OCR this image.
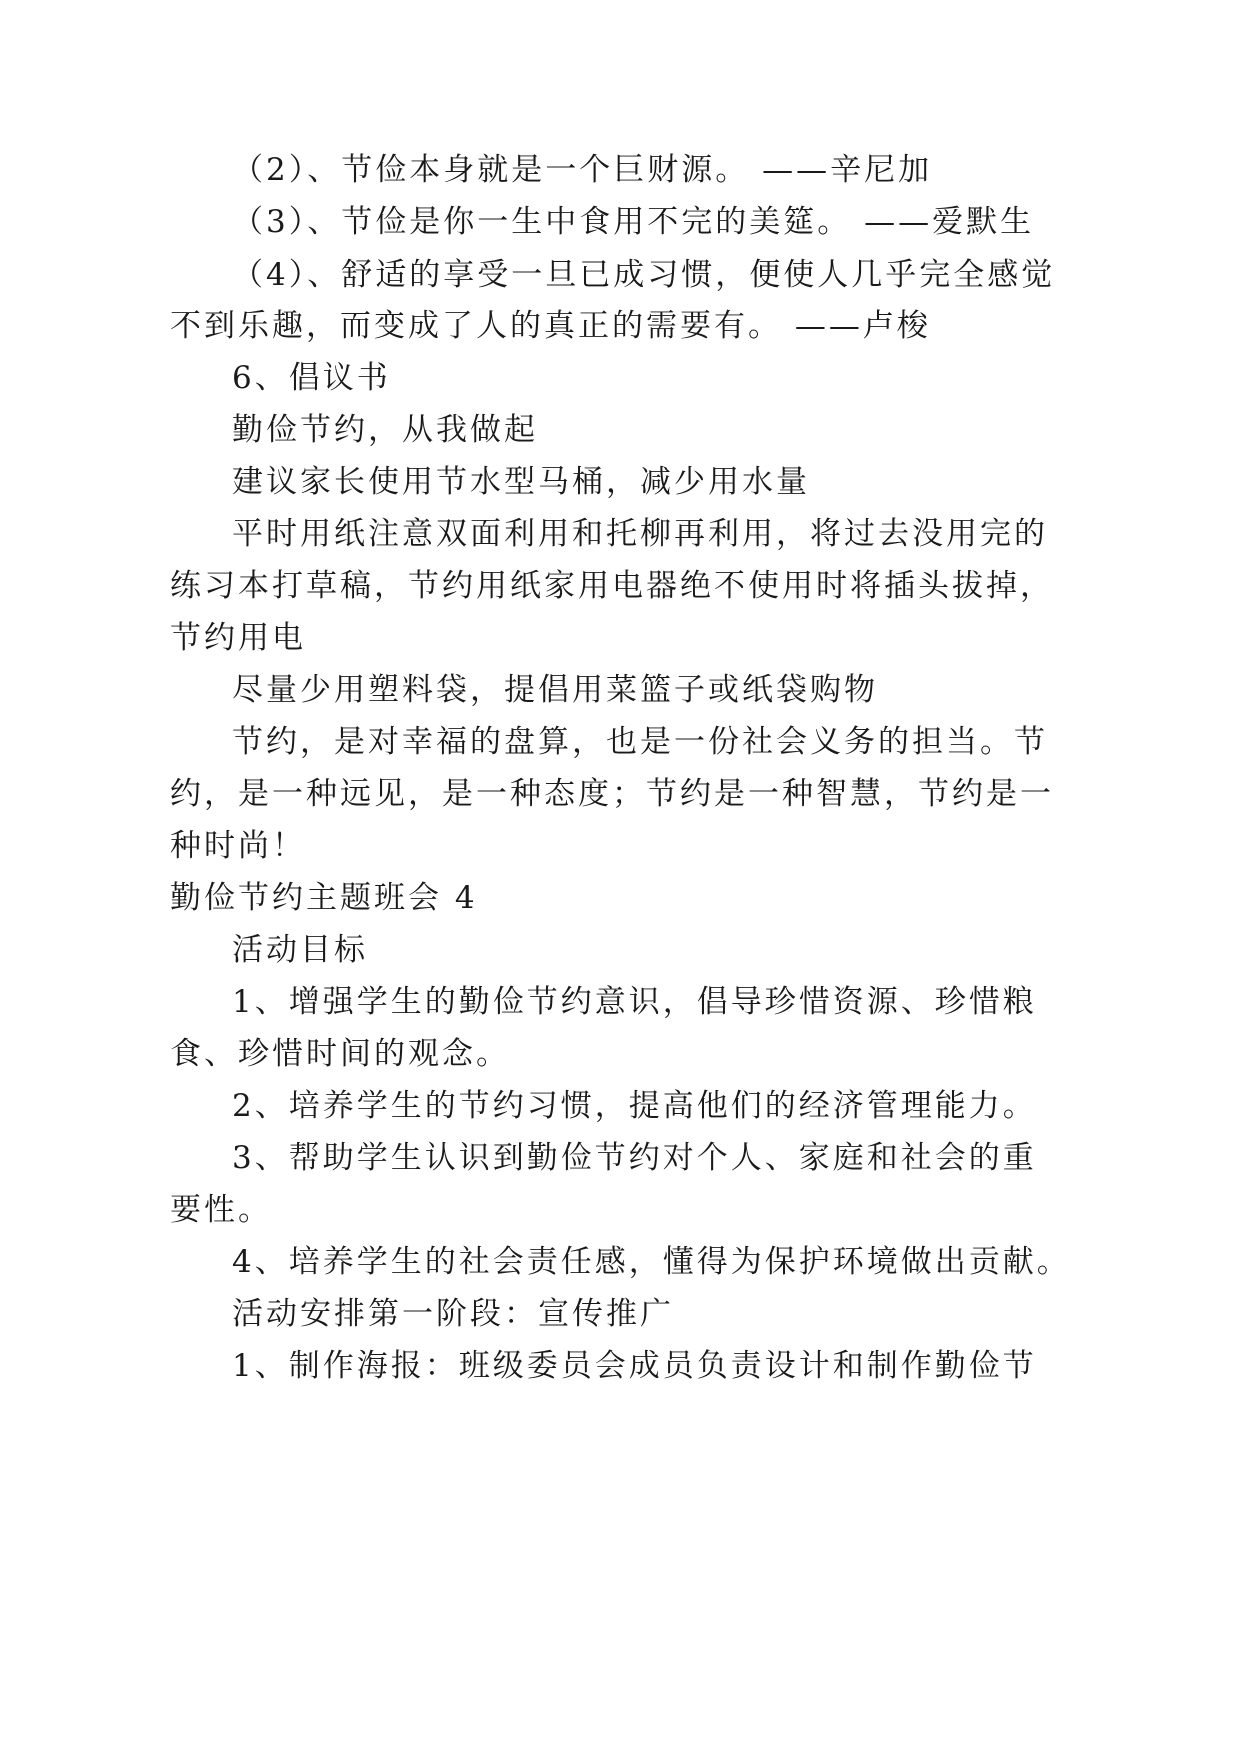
（2）、节俭本身就是一个巨财源。 ——辛尼加
（3）、节俭是你一生中食用不完的美筵。 ——爱默生
（4）、舒适的享受一旦已成习惯，便使人几乎完全感觉
不到乐趣，而变成了人的真正的需要有。 ——卢梭
6、倡议书
勤俭节约，从我做起
建议家长使用节水型马桶，减少用水量
平时用纸注意双面利用和托柳再利用，将过去没用完的
练习本打草稿，节约用纸家用电器绝不使用时将插头拔掉，
节约用电
尽量少用塑料袋，提倡用菜篮子或纸袋购物
节约，是对幸福的盘算，也是一份社会义务的担当。节
约，是一种远见，是一种态度；节约是一种智慧，节约是一
种时尚！
勤俭节约主题班会 4
活动目标
1、增强学生的勤俭节约意识，倡导珍惜资源、珍惜粮
食、珍惜时间的观念。
2、培养学生的节约习惯，提高他们的经济管理能力。
3、帮助学生认识到勤俭节约对个人、家庭和社会的重
要性。
4、培养学生的社会责任感，懂得为保护环境做出贡献。
活动安排第一阶段：宣传推广
1、制作海报：班级委员会成员负责设计和制作勤俭节
